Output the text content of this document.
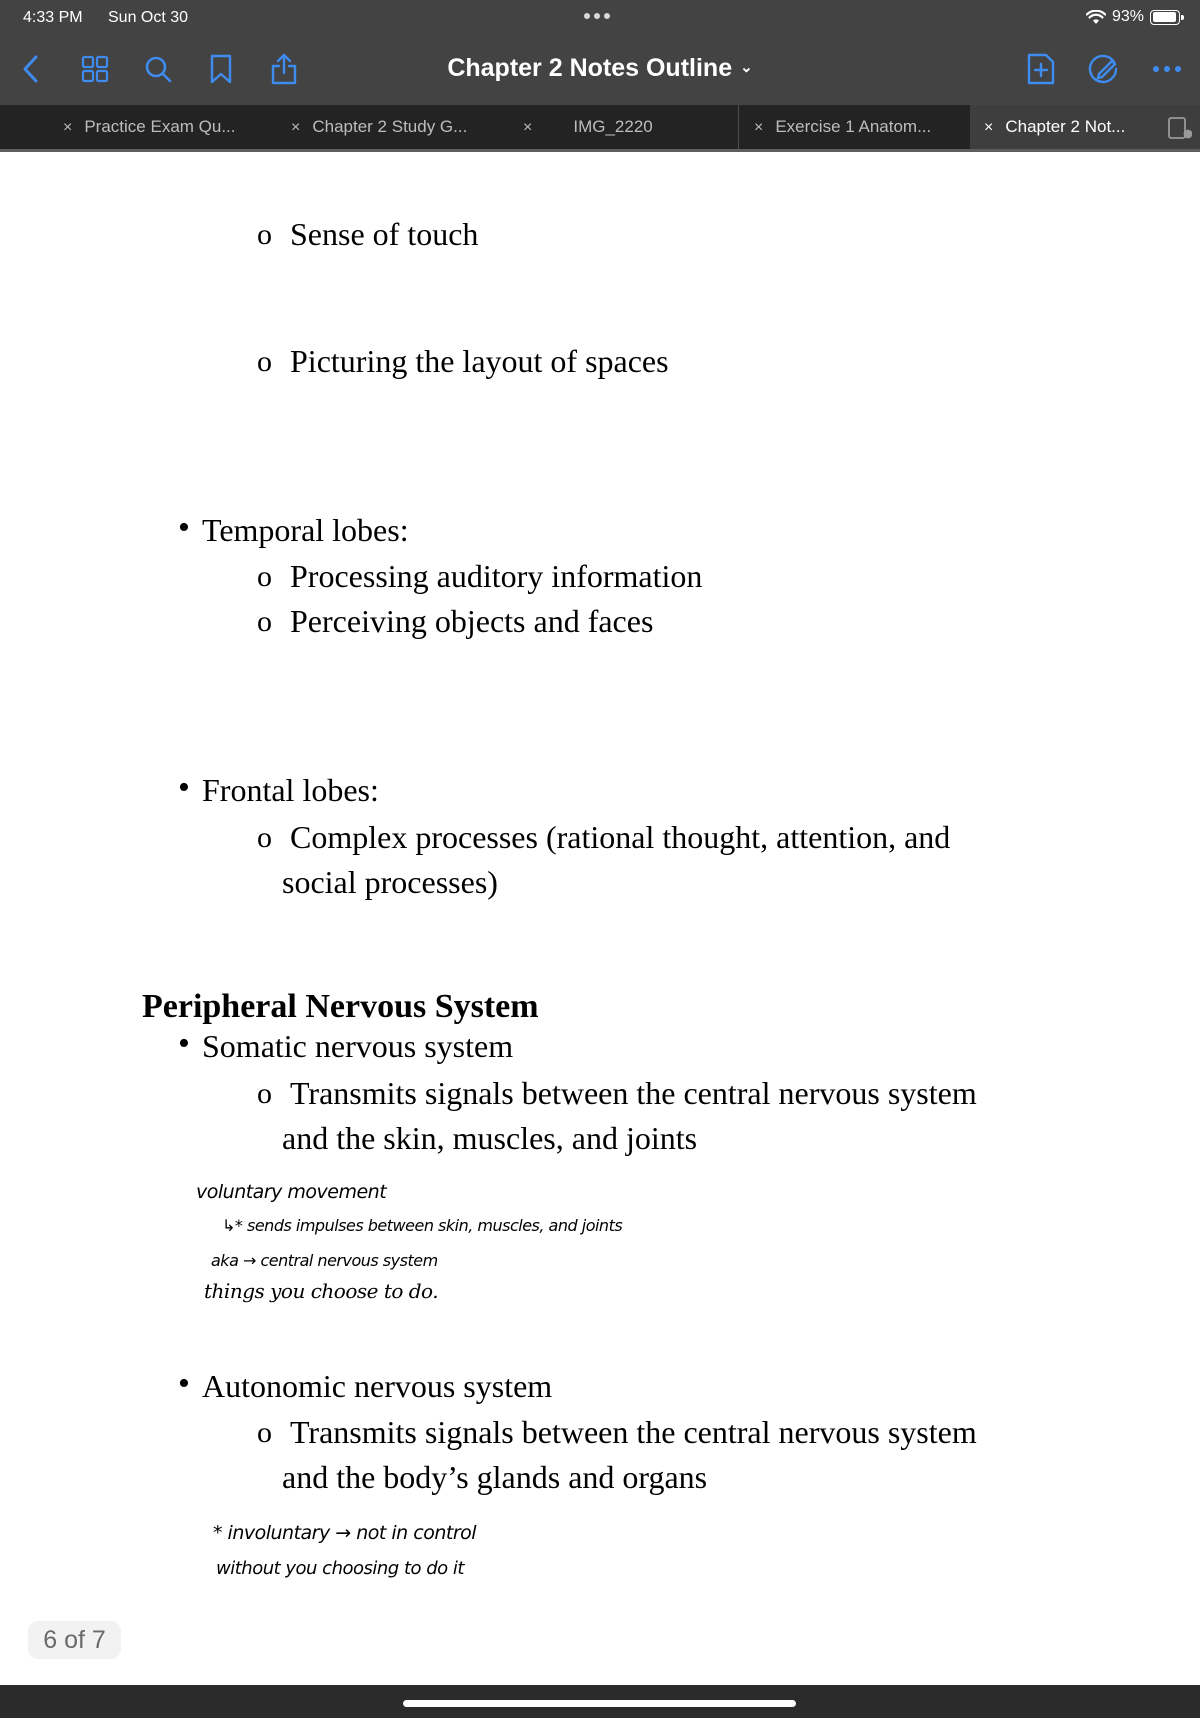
4:33 PM Sun Oct 30	93%
Chapter 2 Notes Outline ⌄
× Practice Exam Qu...	× Chapter 2 Study G...	× IMG_2220	× Exercise 1 Anatom...	× Chapter 2 Not...
o Sense of touch
o Picturing the layout of spaces
• Temporal lobes:
o Processing auditory information
o Perceiving objects and faces
• Frontal lobes:
o Complex processes (rational thought, attention, and
social processes)
Peripheral Nervous System
• Somatic nervous system
o Transmits signals between the central nervous system
and the skin, muscles, and joints
voluntary movement
↳* sends impulses between skin, muscles, and joints
aka → central nervous system
things you choose to do.
• Autonomic nervous system
o Transmits signals between the central nervous system
and the body’s glands and organs
* involuntary → not in control
without you choosing to do it
6 of 7
